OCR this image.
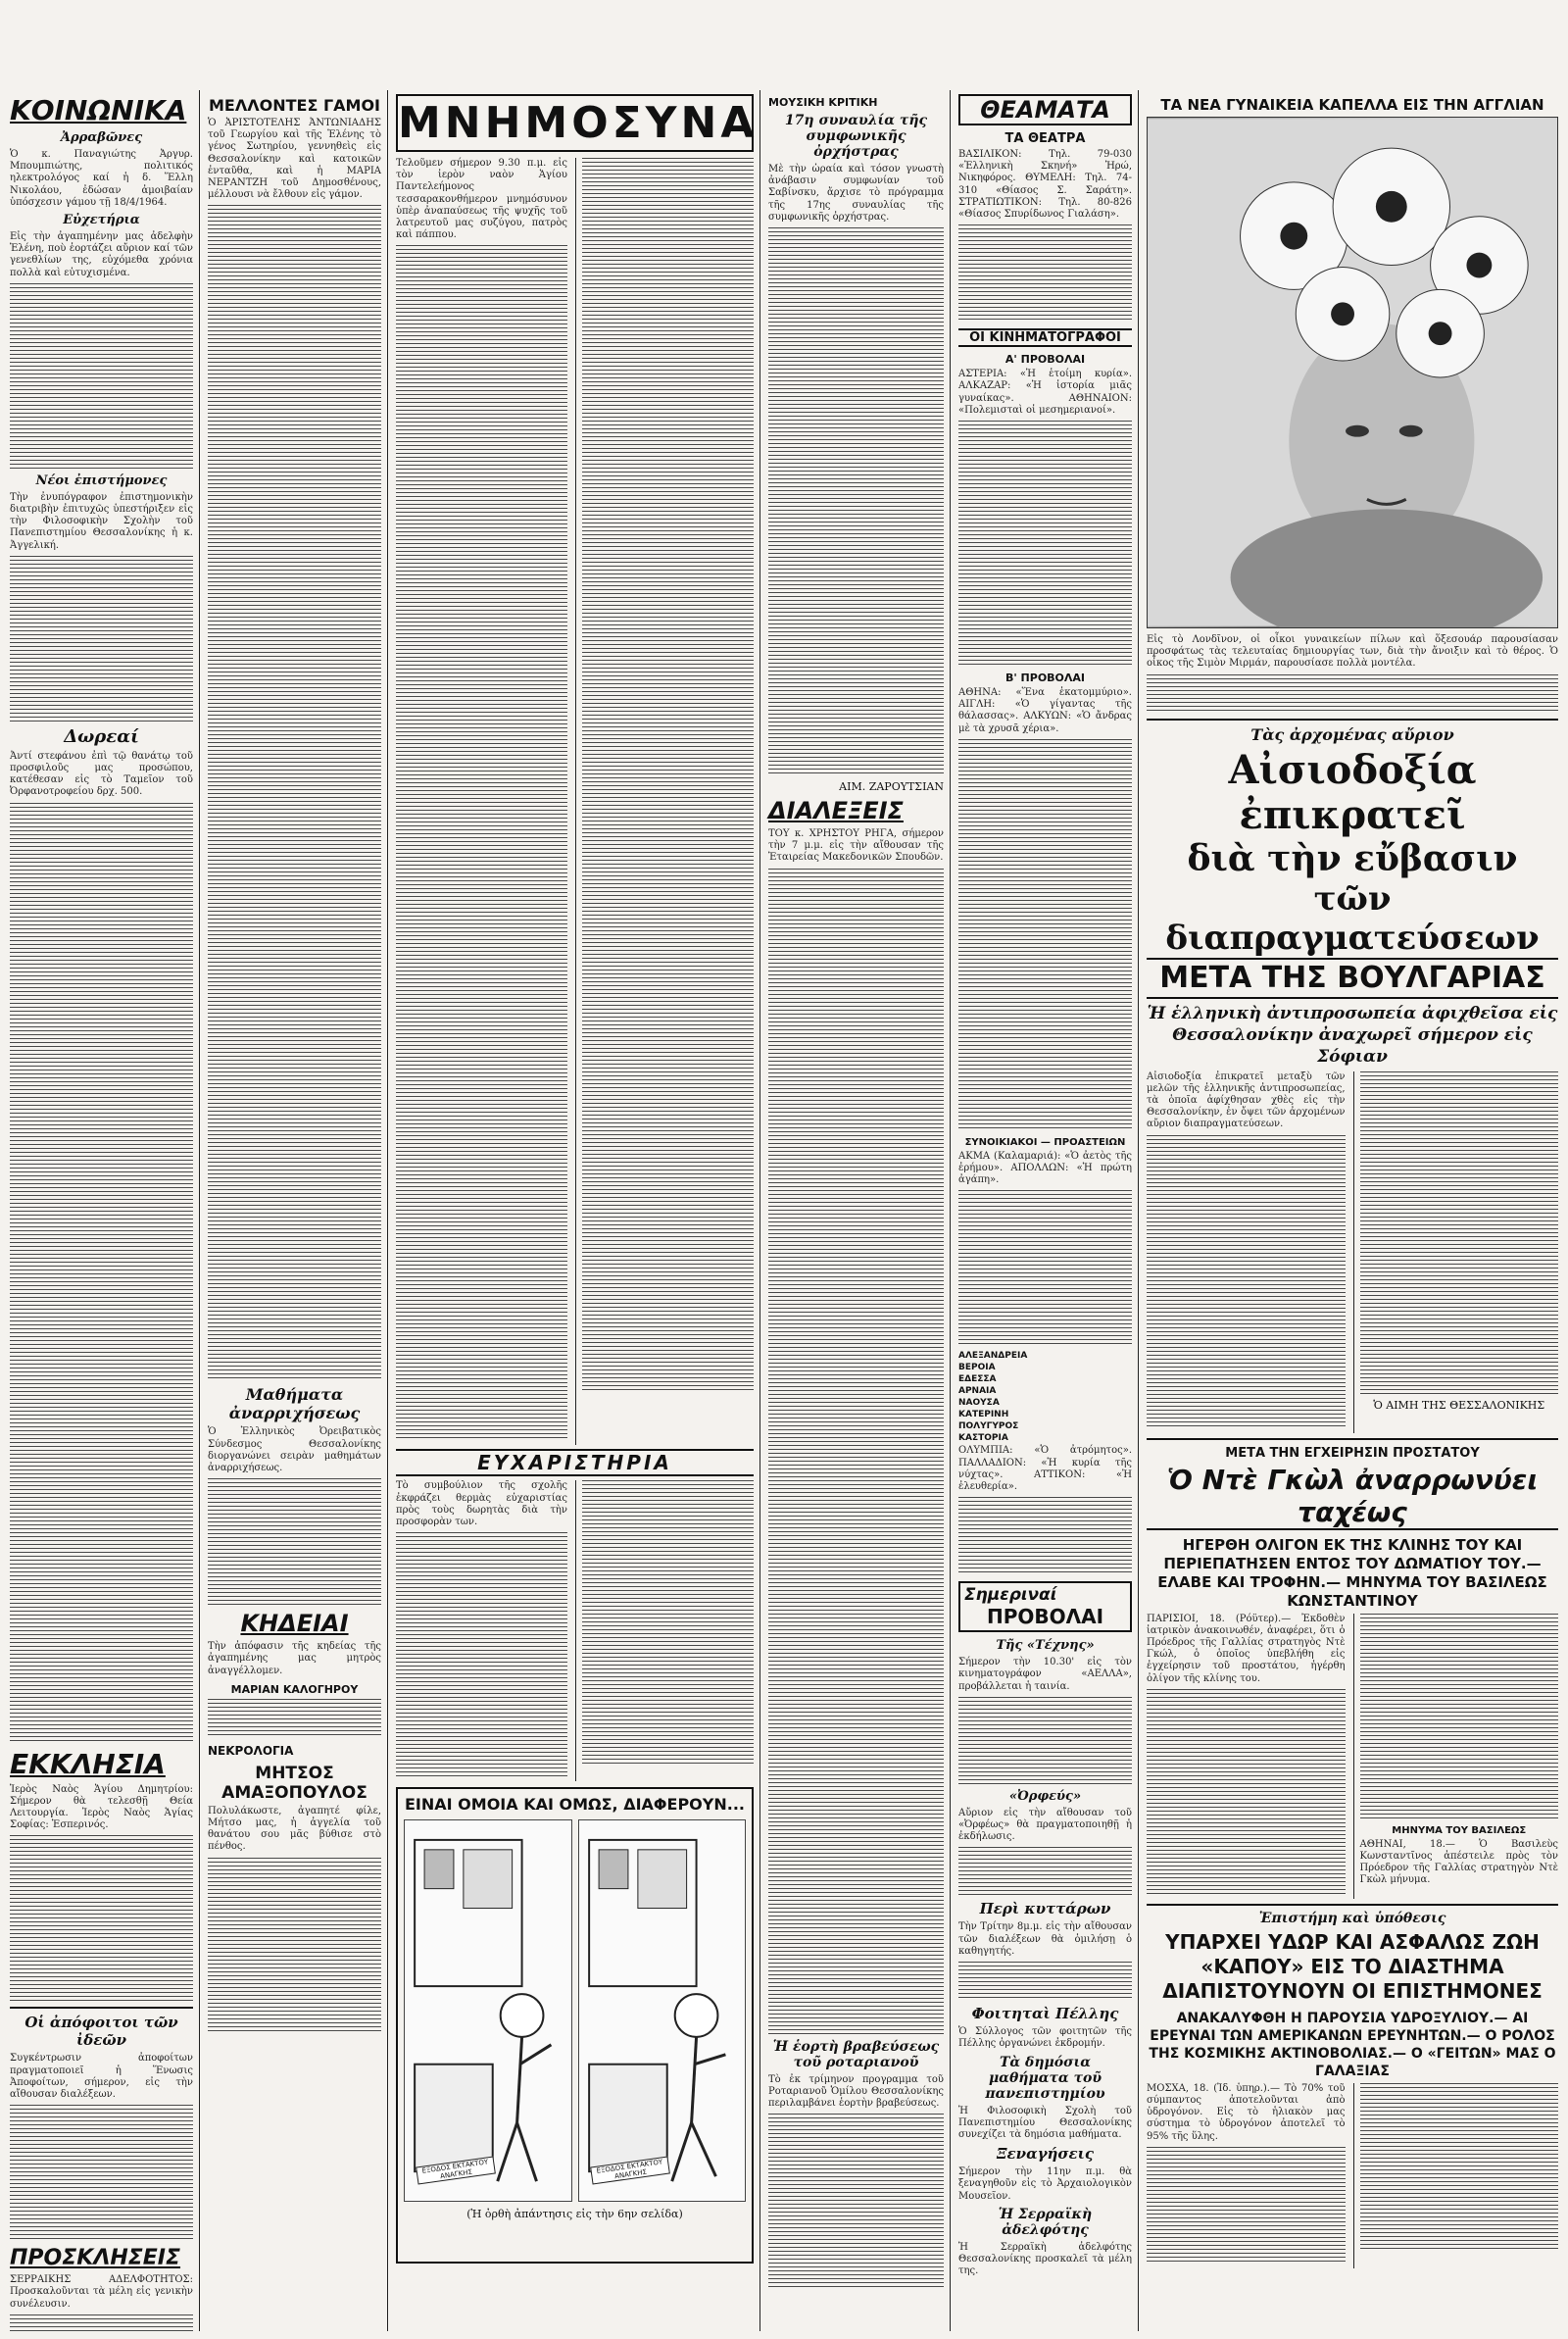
ΚΟΙΝΩΝΙΚΑ
Ἀρραβῶνες

Ὁ κ. Παναγιώτης Ἀργυρ. Μπουμπιώτης, πολιτικός ηλεκτρολόγος καί ἡ δ. Ἕλλη Νικολάου, ἐδώσαν ἀμοιβαίαν ὑπόσχεσιν γάμου τῇ 18/4/1964.

Εὐχετήρια

Εἰς τὴν ἀγαπημένην μας ἀδελφὴν Ἑλένη, ποὺ ἑορτάζει αὔριον καί τῶν γενεθλίων της, εὐχόμεθα χρόνια πολλὰ καὶ εὐτυχισμένα.

Νέοι ἐπιστήμονες

Τὴν ἐνυπόγραφον ἐπιστημονικὴν διατριβὴν ἐπιτυχῶς ὑπεστήριξεν εἰς τὴν Φιλοσοφικὴν Σχολὴν τοῦ Πανεπιστημίου Θεσσαλονίκης ἡ κ. Ἀγγελική.

Δωρεαί

Ἀντί στεφάνου ἐπὶ τῷ θανάτῳ τοῦ προσφιλοῦς μας προσώπου, κατέθεσαν εἰς τὸ Ταμεῖον τοῦ Ὀρφανοτροφείου δρχ. 500.

ΕΚΚΛΗΣΙΑ

Ἱερὸς Ναὸς Ἁγίου Δημητρίου: Σήμερον θὰ τελεσθῇ Θεία Λειτουργία. Ἱερὸς Ναὸς Ἁγίας Σοφίας: Ἑσπερινός.

Οἱ ἀπόφοιτοι τῶν ἰδεῶν

Συγκέντρωσιν ἀποφοίτων πραγματοποιεῖ ἡ Ἕνωσις Ἀποφοίτων, σήμερον, εἰς τὴν αἴθουσαν διαλέξεων.

ΠΡΟΣΚΛΗΣΕΙΣ

ΣΕΡΡΑΙΚΗΣ ΑΔΕΛΦΟΤΗΤΟΣ: Προσκαλοῦνται τὰ μέλη εἰς γενικὴν συνέλευσιν.

ΜΕΛΛΟΝΤΕΣ ΓΑΜΟΙ

Ὁ ἈΡΙΣΤΟΤΕΛΗΣ ἈΝΤΩΝΙΑΔΗΣ τοῦ Γεωργίου καὶ τῆς Ἑλένης τὸ γένος Σωτηρίου, γεννηθεὶς εἰς Θεσσαλονίκην καὶ κατοικῶν ἐνταῦθα, καὶ ἡ ΜΑΡΙΑ ΝΕΡΑΝΤΖΗ τοῦ Δημοσθένους, μέλλουσι νὰ ἔλθουν εἰς γάμον.

Μαθήματα ἀναρριχήσεως

Ὁ Ἑλληνικὸς Ὀρειβατικὸς Σύνδεσμος Θεσσαλονίκης διοργανώνει σειρὰν μαθημάτων ἀναρριχήσεως.

ΚΗΔΕΙΑΙ

Τὴν ἀπόφασιν τῆς κηδείας τῆς ἀγαπημένης μας μητρὸς ἀναγγέλλομεν.

ΜΑΡΙΑΝ ΚΑΛΟΓΗΡΟΥ
ΝΕΚΡΟΛΟΓΙΑ
ΜΗΤΣΟΣ ΑΜΑΞΟΠΟΥΛΟΣ

Πολυλάκωστε, ἀγαπητέ φίλε, Μήτσο μας, ἡ ἀγγελία τοῦ θανάτου σου μᾶς βύθισε στὸ πένθος.

ΜΝΗΜΟΣΥΝΑ

Τελοῦμεν σήμερον 9.30 π.μ. εἰς τὸν ἱερὸν ναὸν Ἁγίου Παντελεήμονος τεσσαρακονθήμερον μνημόσυνον ὑπὲρ ἀναπαύσεως τῆς ψυχῆς τοῦ λατρευτοῦ μας συζύγου, πατρὸς καὶ πάππου.

ΕΥΧΑΡΙΣΤΗΡΙΑ

Τὸ συμβούλιον τῆς σχολῆς ἐκφράζει θερμὰς εὐχαριστίας πρὸς τοὺς δωρητὰς διὰ τὴν προσφορὰν των.

ΕΙΝΑΙ ΟΜΟΙΑ ΚΑΙ ΟΜΩΣ, ΔΙΑΦΕΡΟΥΝ...
ΕΞΟΔΟΣ ΕΚΤΑΚΤΟΥ ΑΝΑΓΚΗΣ	ΕΞΟΔΟΣ ΕΚΤΑΚΤΟΥ ΑΝΑΓΚΗΣ
(Ἡ ὀρθὴ ἀπάντησις εἰς τὴν 6ην σελίδα)
ΜΟΥΣΙΚΗ ΚΡΙΤΙΚΗ
17η συναυλία τῆς συμφωνικῆς ὀρχήστρας

Μὲ τὴν ὡραία καὶ τόσον γνωστὴ ἀνάβασιν συμφωνίαν τοῦ Σαβίνσκυ, ἄρχισε τὸ πρόγραμμα τῆς 17ης συναυλίας τῆς συμφωνικῆς ὀρχήστρας.

ΑΙΜ. ΖΑΡΟΥΤΣΙΑΝ
ΔΙΑΛΕΞΕΙΣ

ΤΟΥ κ. ΧΡΗΣΤΟΥ ΡΗΓΑ, σήμερον τὴν 7 μ.μ. εἰς τὴν αἴθουσαν τῆς Ἑταιρείας Μακεδονικῶν Σπουδῶν.

Ἡ ἑορτὴ βραβεύσεως τοῦ ροταριανοῦ

Τὸ ἐκ τρίμηνον προγραμμα τοῦ Ροταριανοῦ Ὁμίλου Θεσσαλονίκης περιλαμβάνει ἑορτὴν βραβεύσεως.

ΘΕΑΜΑΤΑ
ΤΑ ΘΕΑΤΡΑ

ΒΑΣΙΛΙΚΟΝ: Τηλ. 79-030 «Ἑλληνικὴ Σκηνή» Ἡρώ, Νικηφόρος. ΘΥΜΕΛΗ: Τηλ. 74-310 «Θίασος Σ. Σαράτη». ΣΤΡΑΤΙΩΤΙΚΟΝ: Τηλ. 80-826 «Θίασος Σπυρίδωνος Γιαλάση».

ΟΙ ΚΙΝΗΜΑΤΟΓΡΑΦΟΙ
Α' ΠΡΟΒΟΛΑΙ

ΑΣΤΕΡΙΑ: «Ἡ ἑτοίμη κυρία». ΑΛΚΑΖΑΡ: «Ἡ ἱστορία μιᾶς γυναίκας». ΑΘΗΝΑΙΟΝ: «Πολεμισταὶ οἱ μεσημεριανοί».

Β' ΠΡΟΒΟΛΑΙ

ΑΘΗΝΑ: «Ἕνα ἑκατομμύριο». ΑΙΓΛΗ: «Ὁ γίγαντας τῆς θάλασσας». ΑΛΚΥΩΝ: «Ὁ ἄνδρας μὲ τὰ χρυσᾶ χέρια».

ΣΥΝΟΙΚΙΑΚΟΙ — ΠΡΟΑΣΤΕΙΩΝ

ΑΚΜΑ (Καλαμαριά): «Ὁ ἀετὸς τῆς ἐρήμου». ΑΠΟΛΛΩΝ: «Ἡ πρώτη ἀγάπη».

ΑΛΕΞΑΝΔΡΕΙΑ
ΒΕΡΟΙΑ
ΕΔΕΣΣΑ
ΑΡΝΑΙΑ
ΝΑΟΥΣΑ
ΚΑΤΕΡΙΝΗ
ΠΟΛΥΓΥΡΟΣ
ΚΑΣΤΟΡΙΑ

ΟΛΥΜΠΙΑ: «Ὁ ἀτρόμητος». ΠΑΛΛΑΔΙΟΝ: «Ἡ κυρία τῆς νύχτας». ΑΤΤΙΚΟΝ: «Ἡ ἐλευθερία».

Σημεριναί
ΠΡΟΒΟΛΑΙ
Τῆς «Τέχνης»

Σήμερον τὴν 10.30' εἰς τὸν κινηματογράφον «ΑΕΛΛΑ», προβάλλεται ἡ ταινία.

«Ὀρφεύς»

Αὔριον εἰς τὴν αἴθουσαν τοῦ «Ὀρφέως» θὰ πραγματοποιηθῇ ἡ ἐκδήλωσις.

Περὶ κυττάρων

Τὴν Τρίτην 8μ.μ. εἰς τὴν αἴθουσαν τῶν διαλέξεων θὰ ὁμιλήσῃ ὁ καθηγητής.

Φοιτηταὶ Πέλλης

Ὁ Σύλλογος τῶν φοιτητῶν τῆς Πέλλης ὀργανώνει ἐκδρομήν.

Τὰ δημόσια μαθήματα τοῦ πανεπιστημίου

Ἡ Φιλοσοφικὴ Σχολὴ τοῦ Πανεπιστημίου Θεσσαλονίκης συνεχίζει τὰ δημόσια μαθήματα.

Ξεναγήσεις

Σήμερον τὴν 11ην π.μ. θὰ ξεναγηθοῦν εἰς τὸ Ἀρχαιολογικὸν Μουσεῖον.

Ἡ Σερραϊκὴ ἀδελφότης

Ἡ Σερραϊκὴ ἀδελφότης Θεσσαλονίκης προσκαλεῖ τὰ μέλη της.

ΤΑ ΝΕΑ ΓΥΝΑΙΚΕΙΑ ΚΑΠΕΛΛΑ ΕΙΣ ΤΗΝ ΑΓΓΛΙΑΝ

Εἰς τὸ Λονδῖνον, οἱ οἶκοι γυναικείων πίλων καὶ ὅξεσουάρ παρουσίασαν προσφάτως τὰς τελευταίας δημιουργίας των, διὰ τὴν ἄνοιξιν καὶ τὸ θέρος. Ὁ οἶκος τῆς Σιμὸν Μιρμάν, παρουσίασε πολλὰ μοντέλα.

Τὰς ἀρχομένας αὔριον
Αἰσιοδοξία ἐπικρατεῖ
διὰ τὴν εὔβασιν
τῶν διαπραγματεύσεων
ΜΕΤΑ ΤΗΣ ΒΟΥΛΓΑΡΙΑΣ
Ἡ ἑλληνικὴ ἀντιπροσωπεία ἀφιχθεῖσα εἰς Θεσσαλονίκην ἀναχωρεῖ σήμερον εἰς Σόφιαν

Αἰσιοδοξία ἐπικρατεῖ μεταξὺ τῶν μελῶν τῆς ἑλληνικῆς ἀντιπροσωπείας, τὰ ὁποῖα ἀφίχθησαν χθὲς εἰς τὴν Θεσσαλονίκην, ἐν ὄψει τῶν ἀρχομένων αὔριον διαπραγματεύσεων.

Ὁ ΑΙΜΗ ΤΗΣ ΘΕΣΣΑΛΟΝΙΚΗΣ
ΜΕΤΑ ΤΗΝ ΕΓΧΕΙΡΗΣΙΝ ΠΡΟΣΤΑΤΟΥ
Ὁ Ντὲ Γκὼλ ἀναρρωνύει ταχέως
ΗΓΕΡΘΗ ΟΛΙΓΟΝ ΕΚ ΤΗΣ ΚΛΙΝΗΣ ΤΟΥ ΚΑΙ ΠΕΡΙΕΠΑΤΗΣΕΝ ΕΝΤΟΣ ΤΟΥ ΔΩΜΑΤΙΟΥ ΤΟΥ.— ΕΛΑΒΕ ΚΑΙ ΤΡΟΦΗΝ.— ΜΗΝΥΜΑ ΤΟΥ ΒΑΣΙΛΕΩΣ ΚΩΝΣΤΑΝΤΙΝΟΥ

ΠΑΡΙΣΙΟΙ, 18. (Ρόϋτερ).— Ἐκδοθὲν ἰατρικὸν ἀνακοινωθέν, ἀναφέρει, ὅτι ὁ Πρόεδρος τῆς Γαλλίας στρατηγὸς Ντὲ Γκώλ, ὁ ὁποῖος ὑπεβλήθη εἰς ἐγχείρησιν τοῦ προστάτου, ἠγέρθη ὀλίγον τῆς κλίνης του.

ΜΗΝΥΜΑ ΤΟΥ ΒΑΣΙΛΕΩΣ

ΑΘΗΝΑΙ, 18.— Ὁ Βασιλεὺς Κωνσταντῖνος ἀπέστειλε πρὸς τὸν Πρόεδρον τῆς Γαλλίας στρατηγὸν Ντὲ Γκὼλ μήνυμα.

Ἐπιστήμη καὶ ὑπόθεσις
ΥΠΑΡΧΕΙ ΥΔΩΡ ΚΑΙ ΑΣΦΑΛΩΣ ΖΩΗ «ΚΑΠΟΥ» ΕΙΣ ΤΟ ΔΙΑΣΤΗΜΑ ΔΙΑΠΙΣΤΟΥΝΟΥΝ ΟΙ ΕΠΙΣΤΗΜΟΝΕΣ
ΑΝΑΚΑΛΥΦΘΗ Η ΠΑΡΟΥΣΙΑ ΥΔΡΟΞΥΛΙΟΥ.— ΑΙ ΕΡΕΥΝΑΙ ΤΩΝ ΑΜΕΡΙΚΑΝΩΝ ΕΡΕΥΝΗΤΩΝ.— Ο ΡΟΛΟΣ ΤΗΣ ΚΟΣΜΙΚΗΣ ΑΚΤΙΝΟΒΟΛΙΑΣ.— Ο «ΓΕΙΤΩΝ» ΜΑΣ Ο ΓΑΛΑΞΙΑΣ

ΜΟΣΧΑ, 18. (Ἰδ. ὑπηρ.).— Τὸ 70% τοῦ σύμπαντος ἀποτελοῦνται ἀπὸ ὑδρογόνον. Εἰς τὸ ἡλιακὸν μας σύστημα τὸ ὑδρογόνον ἀποτελεῖ τὸ 95% τῆς ὕλης.
